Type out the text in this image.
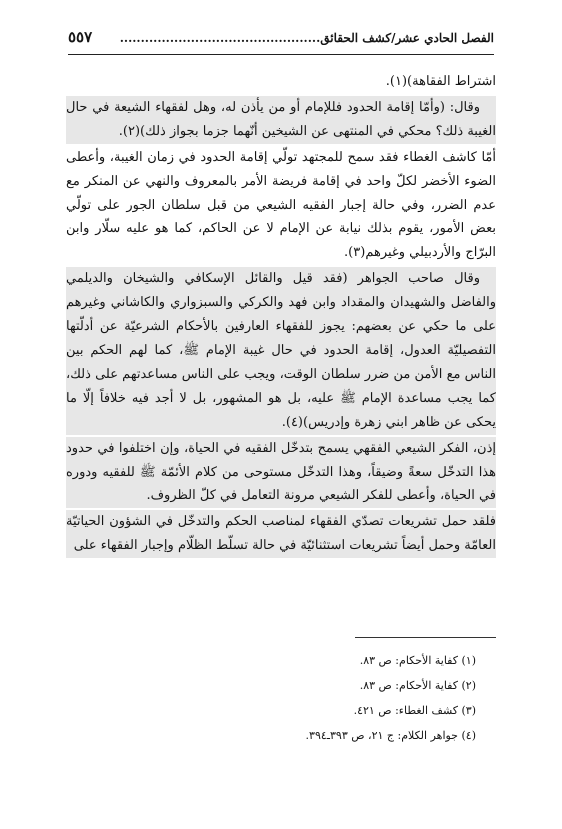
٥٥٧ الفصل الحادي عشر/كشف الحقائق................................................

اشتراط الفقاهة)(١).

وقال: (وأمّا إقامة الحدود فللإمام أو من يأذن له، وهل لفقهاء الشيعة في حال الغيبة ذلك؟ محكي في المنتهى عن الشيخين أنّهما جزما بجواز ذلك)(٢).

أمّا كاشف الغطاء فقد سمح للمجتهد تولّي إقامة الحدود في زمان الغيبة، وأعطى الضوء الأخضر لكلّ واحد في إقامة فريضة الأمر بالمعروف والنهي عن المنكر مع عدم الضرر، وفي حالة إجبار الفقيه الشيعي من قبل سلطان الجور على تولّي بعض الأمور، يقوم بذلك نيابة عن الإمام لا عن الحاكم، كما هو عليه سلّار وابن البرّاج والأردبيلي وغيرهم(٣).

وقال صاحب الجواهر (فقد قيل والقائل الإسكافي والشيخان والديلمي والفاضل والشهيدان والمقداد وابن فهد والكركي والسبزواري والكاشاني وغيرهم على ما حكي عن بعضهم: يجوز للفقهاء العارفين بالأحكام الشرعيّة عن أدلّتها التفصيليّة العدول، إقامة الحدود في حال غيبة الإمام ﷺ، كما لهم الحكم بين الناس مع الأمن من ضرر سلطان الوقت، ويجب على الناس مساعدتهم على ذلك، كما يجب مساعدة الإمام ﷺ عليه، بل هو المشهور، بل لا أجد فيه خلافاً إلّا ما يحكى عن ظاهر ابني زهرة وإدريس)(٤).

إذن، الفكر الشيعي الفقهي يسمح بتدخّل الفقيه في الحياة، وإن اختلفوا في حدود هذا التدخّل سعةً وضيقاً، وهذا التدخّل مستوحى من كلام الأئمّة ﷺ للفقيه ودوره في الحياة، وأعطى للفكر الشيعي مرونة التعامل في كلّ الظروف.

فلقد حمل تشريعات تصدّي الفقهاء لمناصب الحكم والتدخّل في الشؤون الحياتيّة العامّة وحمل أيضاً تشريعات استثنائيّة في حالة تسلّط الظلّام وإجبار الفقهاء على

(١) كفاية الأحكام: ص ٨٣.
(٢) كفاية الأحكام: ص ٨٣.
(٣) كشف الغطاء: ص ٤٢١.
(٤) جواهر الكلام: ج ٢١، ص ٣٩٣ـ٣٩٤.
